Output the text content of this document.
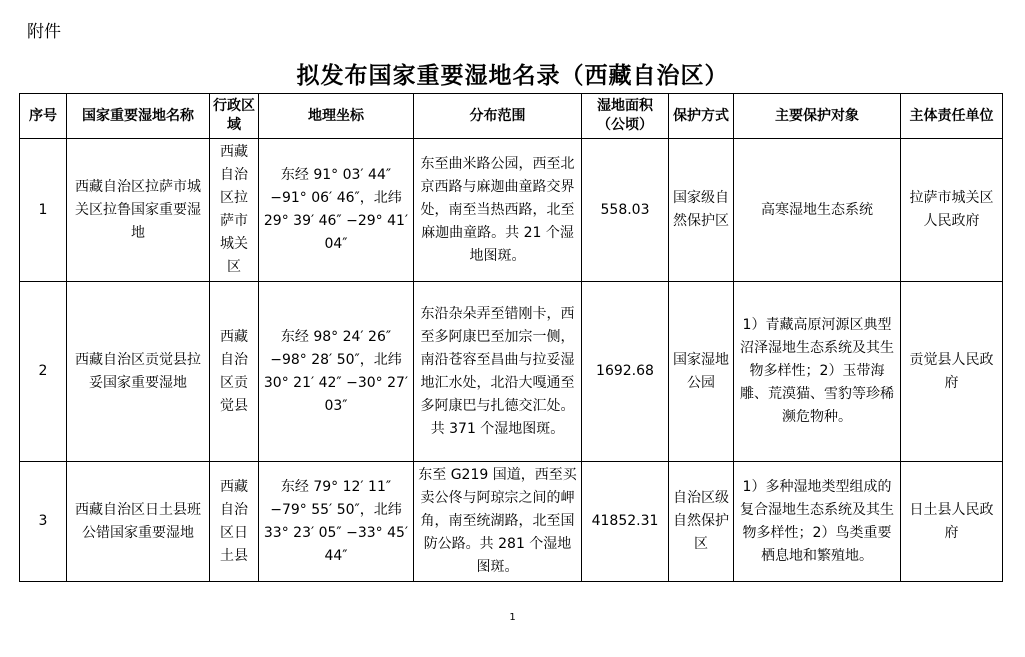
附件
拟发布国家重要湿地名录（西藏自治区）
序号	国家重要湿地名称	行政区域	地理坐标	分布范围	湿地面积（公顷）	保护方式	主要保护对象	主体责任单位
1	西藏自治区拉萨市城关区拉鲁国家重要湿地	西藏自治区拉萨市城关区	东经 91° 03′ 44″ −91° 06′ 46″，北纬 29° 39′ 46″ −29° 41′ 04″	东至曲米路公园，西至北京西路与麻迦曲童路交界处，南至当热西路，北至麻迦曲童路。共 21 个湿地图斑。	558.03	国家级自然保护区	高寒湿地生态系统	拉萨市城关区人民政府
2	西藏自治区贡觉县拉妥国家重要湿地	西藏自治区贡觉县	东经 98° 24′ 26″ −98° 28′ 50″，北纬 30° 21′ 42″ −30° 27′ 03″	东沿杂朵弄至错刚卡，西至多阿康巴至加宗一侧，南沿苍容至昌曲与拉妥湿地汇水处，北沿大嘎通至多阿康巴与扎德交汇处。共 371 个湿地图斑。	1692.68	国家湿地公园	1）青藏高原河源区典型沼泽湿地生态系统及其生物多样性；2）玉带海雕、荒漠猫、雪豹等珍稀濒危物种。	贡觉县人民政府
3	西藏自治区日土县班公错国家重要湿地	西藏自治区日土县	东经 79° 12′ 11″ −79° 55′ 50″，北纬 33° 23′ 05″ −33° 45′ 44″	东至 G219 国道，西至买卖公佟与阿琼宗之间的岬角，南至统湖路，北至国防公路。共 281 个湿地图斑。	41852.31	自治区级自然保护区	1）多种湿地类型组成的复合湿地生态系统及其生物多样性；2）鸟类重要栖息地和繁殖地。	日土县人民政府
1
